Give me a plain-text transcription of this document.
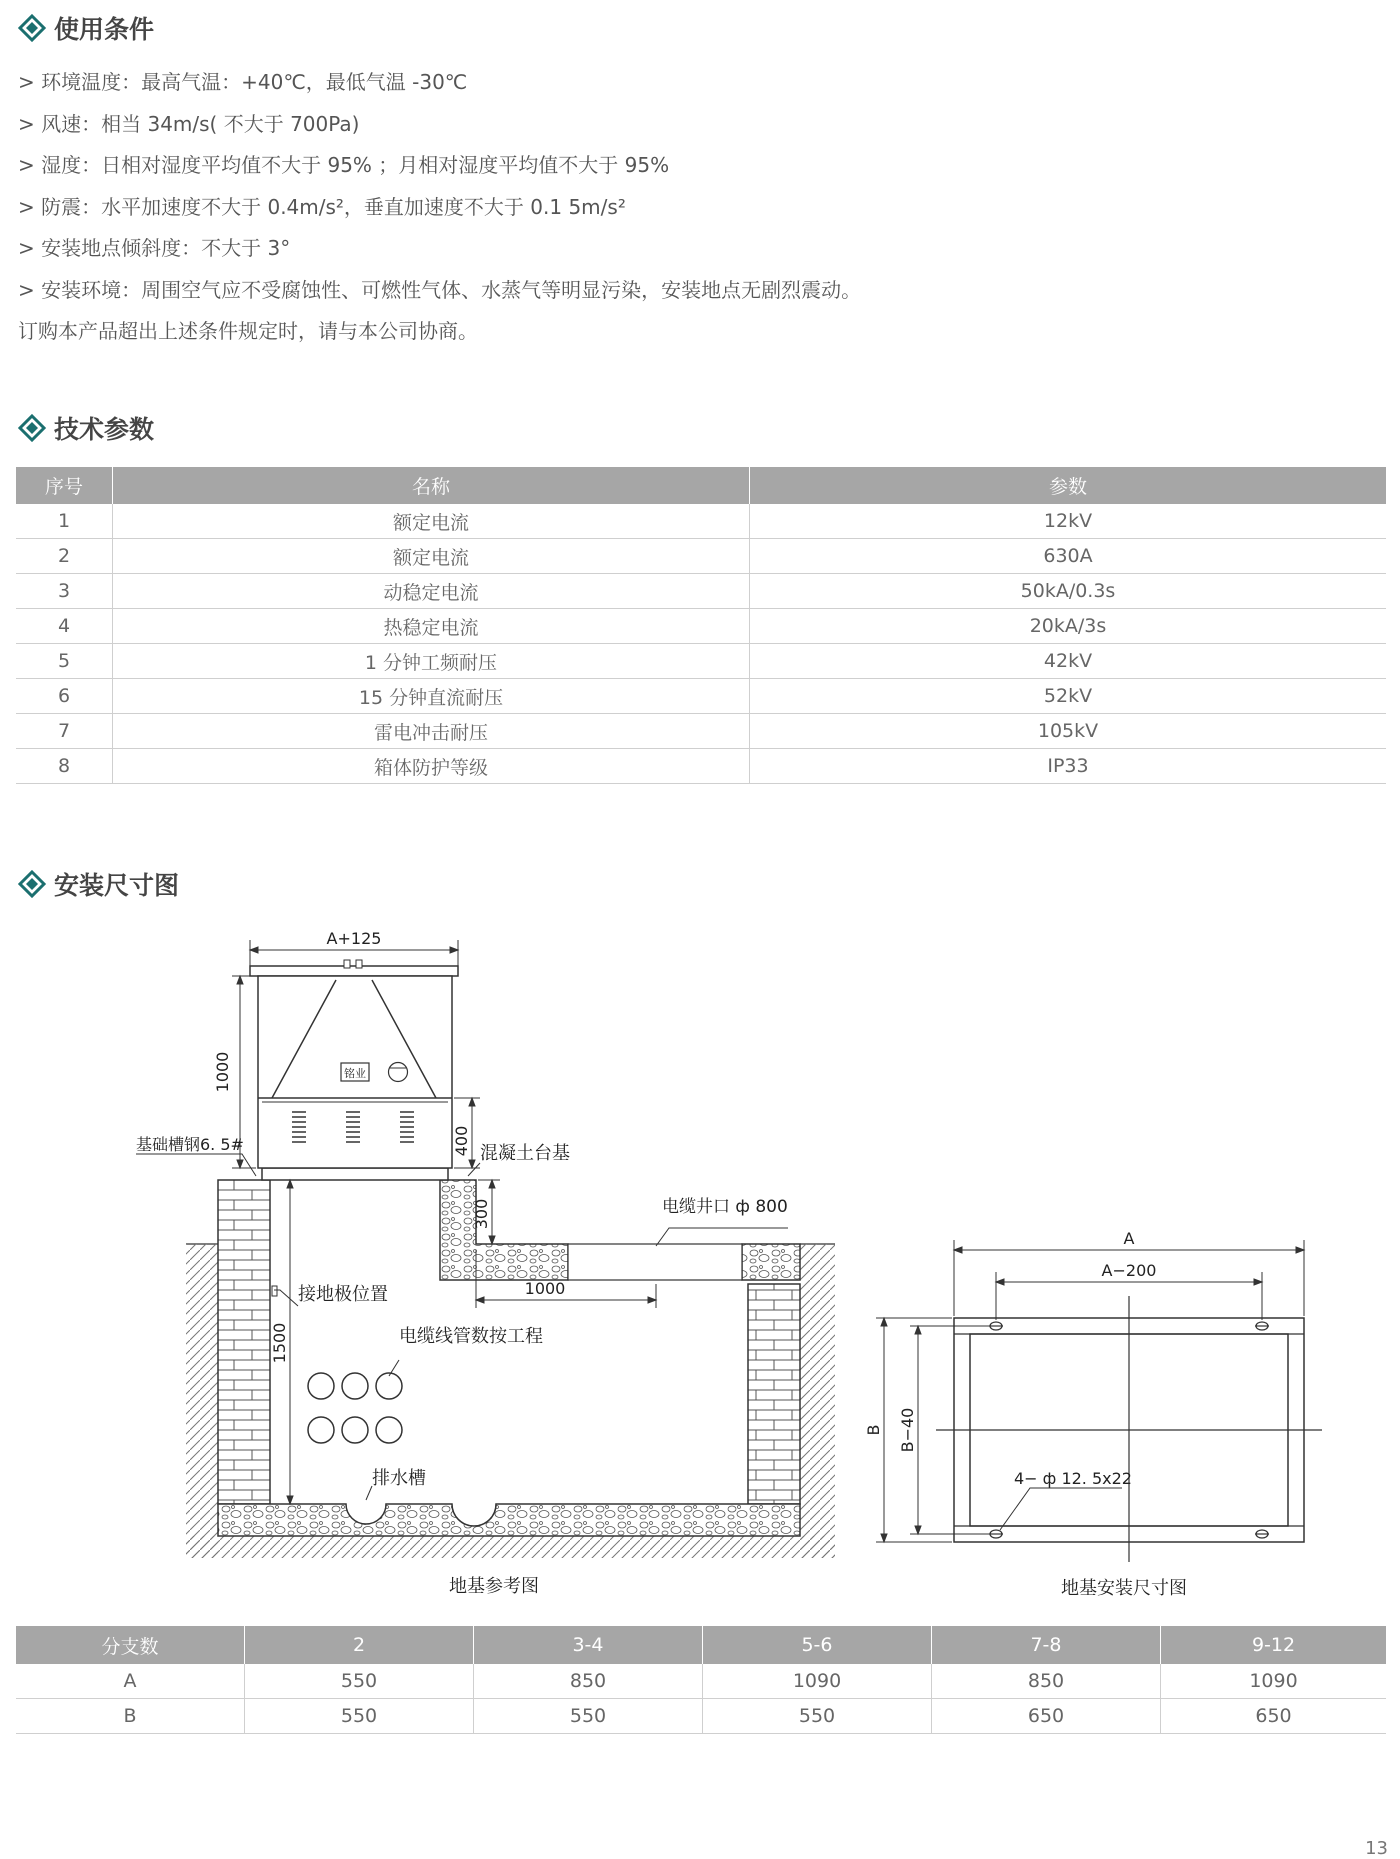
使用条件
> 环境温度：最高气温：+40℃，最低气温 -30℃
> 风速：相当 34m/s( 不大于 700Pa)
> 湿度：日相对湿度平均值不大于 95% ；月相对湿度平均值不大于 95%
> 防震：水平加速度不大于 0.4m/s²，垂直加速度不大于 0.1 5m/s²
> 安装地点倾斜度：不大于 3°
> 安装环境：周围空气应不受腐蚀性、可燃性气体、水蒸气等明显污染，安装地点无剧烈震动。
订购本产品超出上述条件规定时，请与本公司协商。
技术参数
序号	名称	参数
1	额定电流	12kV
2	额定电流	630A
3	动稳定电流	50kA/0.3s
4	热稳定电流	20kA/3s
5	1 分钟工频耐压	42kV
6	15 分钟直流耐压	52kV
7	雷电冲击耐压	105kV
8	箱体防护等级	IP33
安装尺寸图
铭业
A+125
1000
400
300
1000
1500
基础槽钢6. 5#	混凝土台基
电缆井口 ф 800
接地极位置
电缆线管数按工程
排水槽
地基参考图
A
A−200
B B−40
4− ф 12. 5x22
地基安装尺寸图
分支数	2	3-4	5-6	7-8	9-12
A	550	850	1090	850	1090
B	550	550	550	650	650
13
